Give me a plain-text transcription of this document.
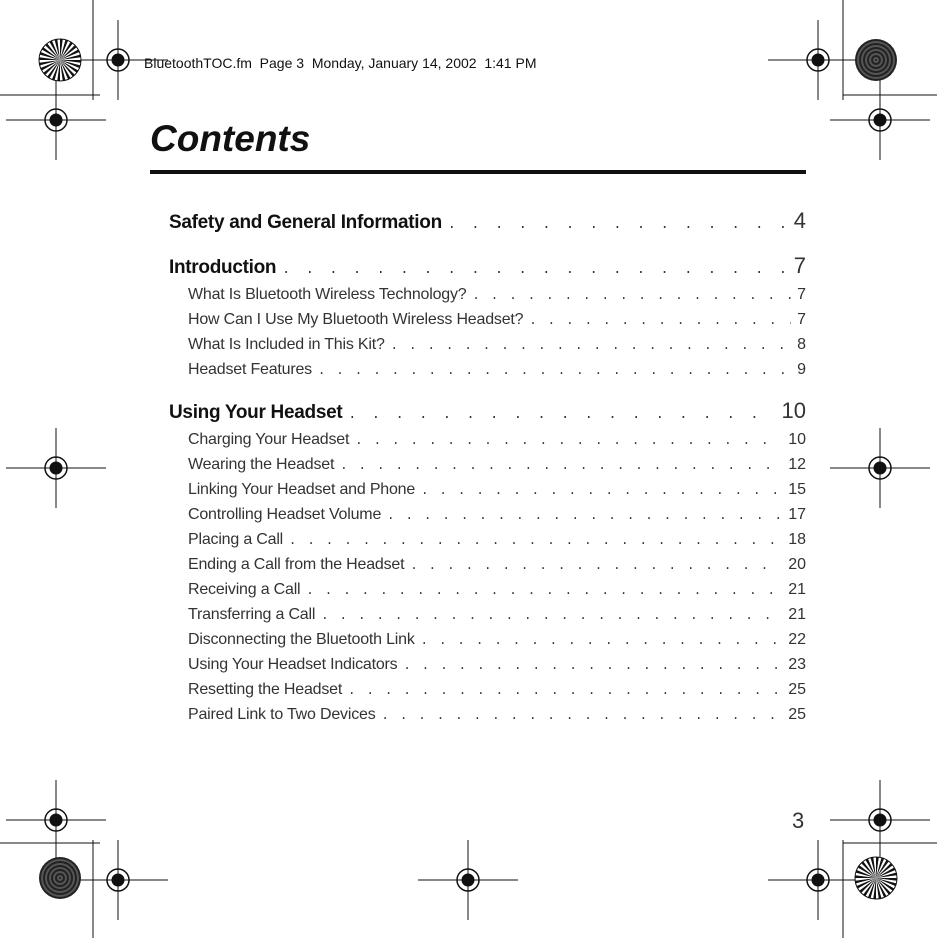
BluetoothTOC.fm  Page 3  Monday, January 14, 2002  1:41 PM
Contents
Safety and General Information . . .	4
Introduction . . .	7
What Is Bluetooth Wireless Technology? . . .	7
How Can I Use My Bluetooth Wireless Headset? . . .	7
What Is Included in This Kit? . . .	8
Headset Features . . .	9
Using Your Headset . . .	10
Charging Your Headset . . .	10
Wearing the Headset . . .	12
Linking Your Headset and Phone . . .	15
Controlling Headset Volume . . .	17
Placing a Call . . .	18
Ending a Call from the Headset . . .	20
Receiving a Call . . .	21
Transferring a Call . . .	21
Disconnecting the Bluetooth Link . . .	22
Using Your Headset Indicators . . .	23
Resetting the Headset . . .	25
Paired Link to Two Devices . . .	25
3
